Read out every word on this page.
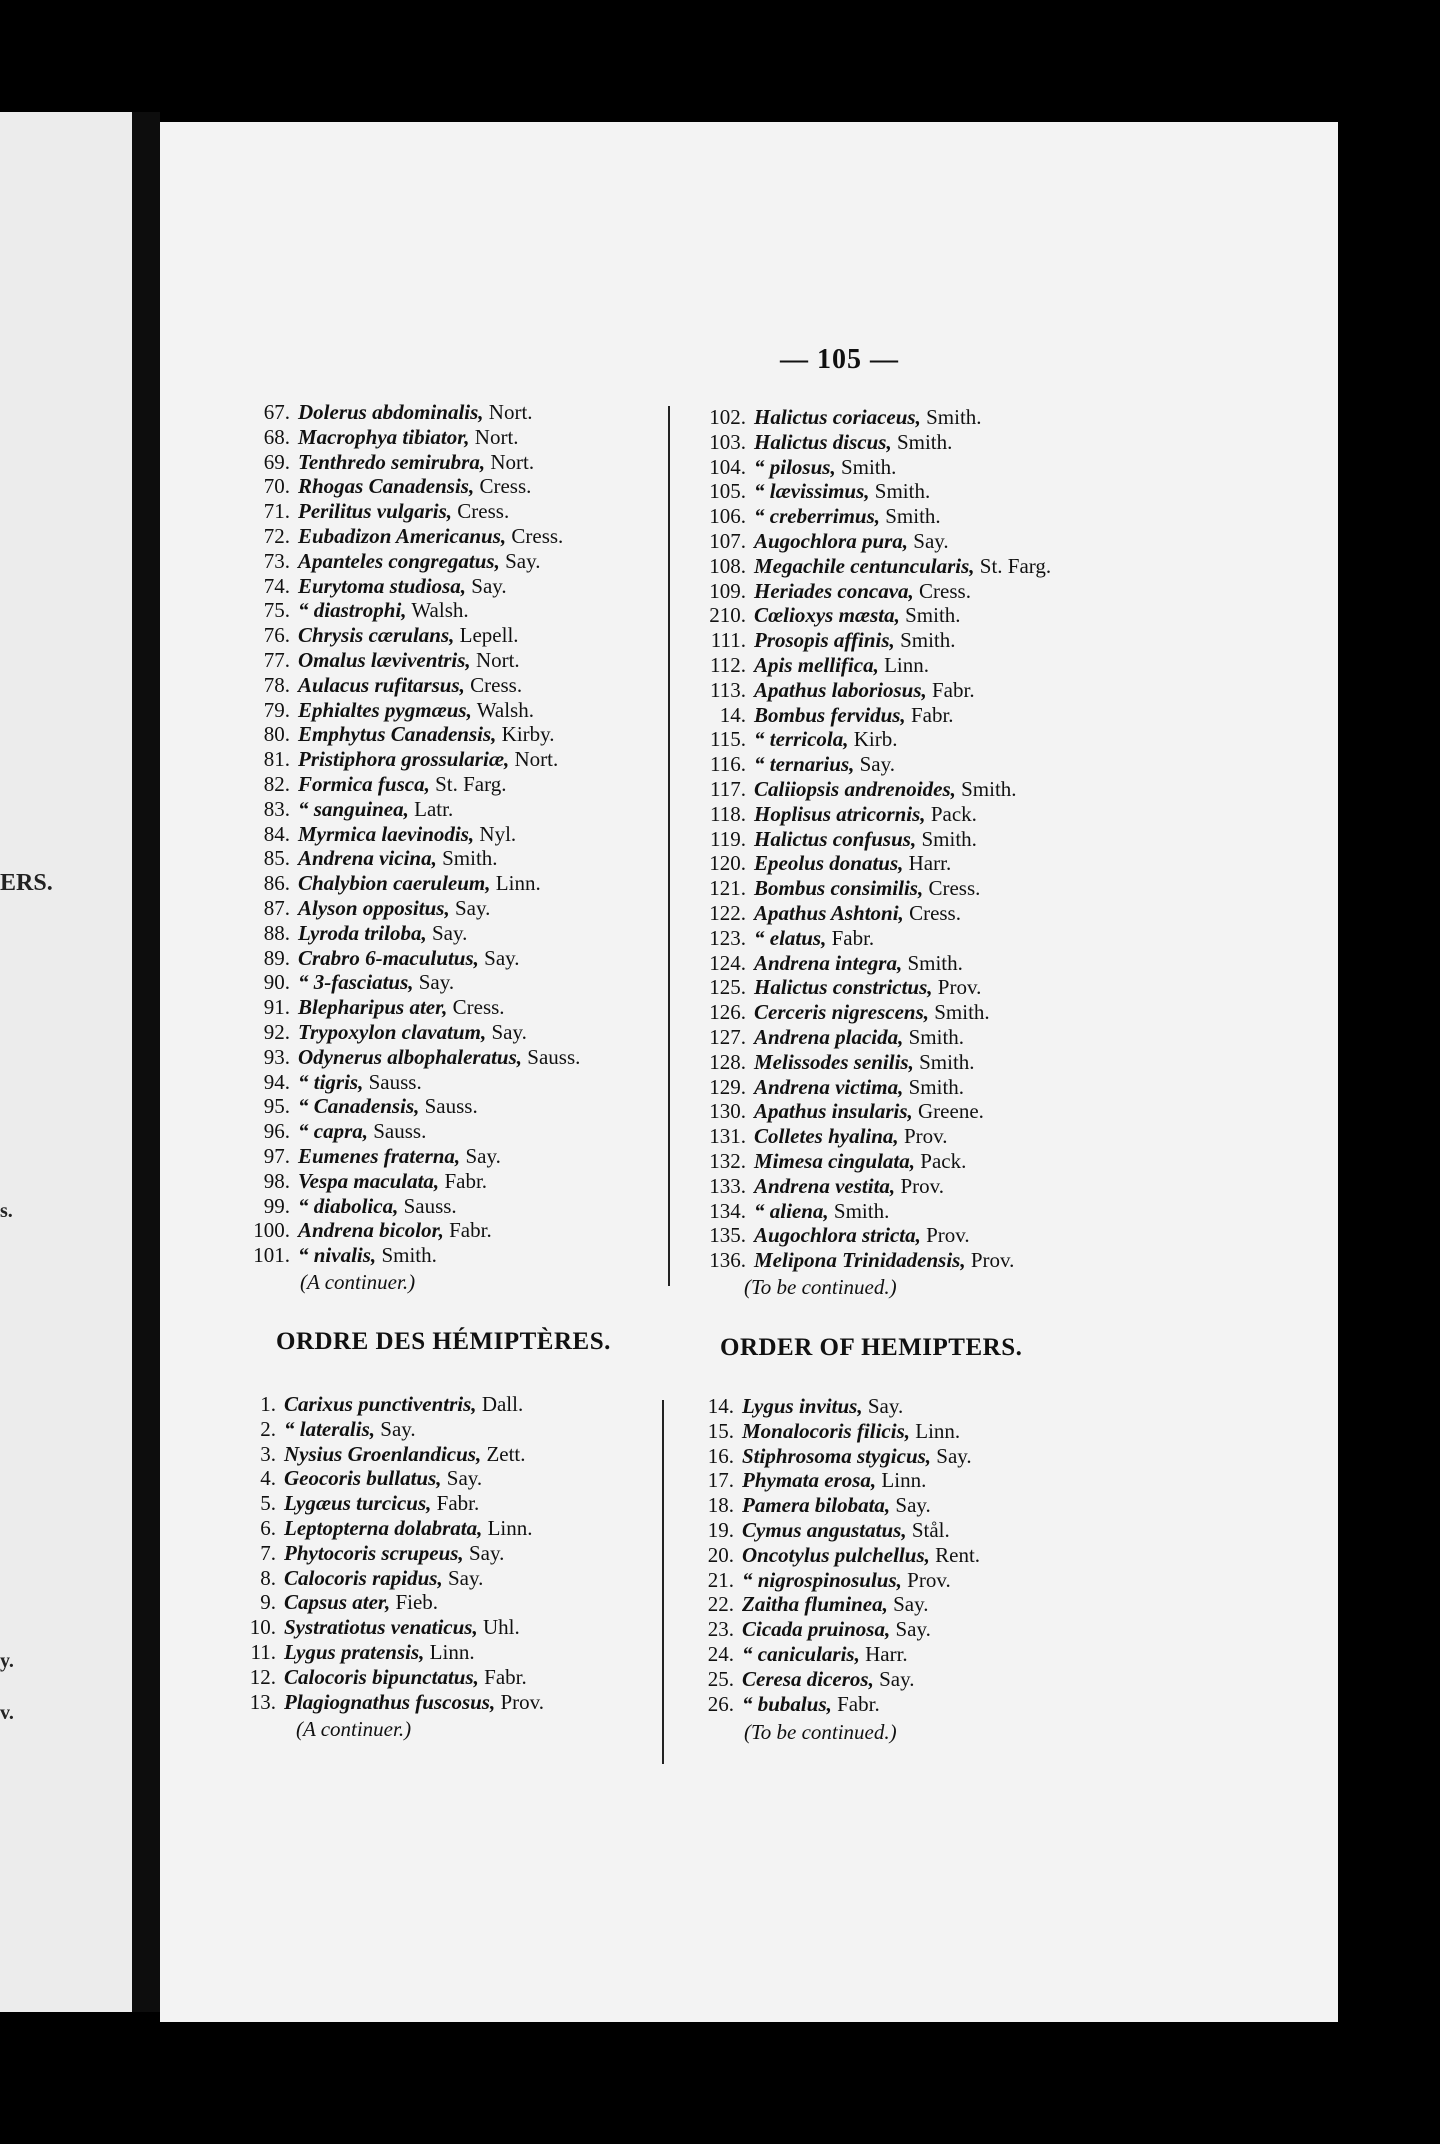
ERS.
s.
y.
v.
— 105 —
67. Dolerus abdominalis, Nort.
68. Macrophya tibiator, Nort.
69. Tenthredo semirubra, Nort.
70. Rhogas Canadensis, Cress.
71. Perilitus vulgaris, Cress.
72. Eubadizon Americanus, Cress.
73. Apanteles congregatus, Say.
74. Eurytoma studiosa, Say.
75. “ diastrophi, Walsh.
76. Chrysis cærulans, Lepell.
77. Omalus læviventris, Nort.
78. Aulacus rufitarsus, Cress.
79. Ephialtes pygmæus, Walsh.
80. Emphytus Canadensis, Kirby.
81. Pristiphora grossulariæ, Nort.
82. Formica fusca, St. Farg.
83. “ sanguinea, Latr.
84. Myrmica laevinodis, Nyl.
85. Andrena vicina, Smith.
86. Chalybion caeruleum, Linn.
87. Alyson oppositus, Say.
88. Lyroda triloba, Say.
89. Crabro 6-maculutus, Say.
90. “ 3-fasciatus, Say.
91. Blepharipus ater, Cress.
92. Trypoxylon clavatum, Say.
93. Odynerus albophaleratus, Sauss.
94. “ tigris, Sauss.
95. “ Canadensis, Sauss.
96. “ capra, Sauss.
97. Eumenes fraterna, Say.
98. Vespa maculata, Fabr.
99. “ diabolica, Sauss.
100. Andrena bicolor, Fabr.
101. “ nivalis, Smith.
(A continuer.)
102. Halictus coriaceus, Smith.
103. Halictus discus, Smith.
104. “ pilosus, Smith.
105. “ lævissimus, Smith.
106. “ creberrimus, Smith.
107. Augochlora pura, Say.
108. Megachile centuncularis, St. Farg.
109. Heriades concava, Cress.
210. Cœlioxys mæsta, Smith.
111. Prosopis affinis, Smith.
112. Apis mellifica, Linn.
113. Apathus laboriosus, Fabr.
14. Bombus fervidus, Fabr.
115. “ terricola, Kirb.
116. “ ternarius, Say.
117. Caliiopsis andrenoides, Smith.
118. Hoplisus atricornis, Pack.
119. Halictus confusus, Smith.
120. Epeolus donatus, Harr.
121. Bombus consimilis, Cress.
122. Apathus Ashtoni, Cress.
123. “ elatus, Fabr.
124. Andrena integra, Smith.
125. Halictus constrictus, Prov.
126. Cerceris nigrescens, Smith.
127. Andrena placida, Smith.
128. Melissodes senilis, Smith.
129. Andrena victima, Smith.
130. Apathus insularis, Greene.
131. Colletes hyalina, Prov.
132. Mimesa cingulata, Pack.
133. Andrena vestita, Prov.
134. “ aliena, Smith.
135. Augochlora stricta, Prov.
136. Melipona Trinidadensis, Prov.
(To be continued.)
ORDRE DES HÉMIPTÈRES.	ORDER OF HEMIPTERS.
1. Carixus punctiventris, Dall.
2. “ lateralis, Say.
3. Nysius Groenlandicus, Zett.
4. Geocoris bullatus, Say.
5. Lygæus turcicus, Fabr.
6. Leptopterna dolabrata, Linn.
7. Phytocoris scrupeus, Say.
8. Calocoris rapidus, Say.
9. Capsus ater, Fieb.
10. Systratiotus venaticus, Uhl.
11. Lygus pratensis, Linn.
12. Calocoris bipunctatus, Fabr.
13. Plagiognathus fuscosus, Prov.
(A continuer.)
14. Lygus invitus, Say.
15. Monalocoris filicis, Linn.
16. Stiphrosoma stygicus, Say.
17. Phymata erosa, Linn.
18. Pamera bilobata, Say.
19. Cymus angustatus, Stål.
20. Oncotylus pulchellus, Rent.
21. “ nigrospinosulus, Prov.
22. Zaitha fluminea, Say.
23. Cicada pruinosa, Say.
24. “ canicularis, Harr.
25. Ceresa diceros, Say.
26. “ bubalus, Fabr.
(To be continued.)
